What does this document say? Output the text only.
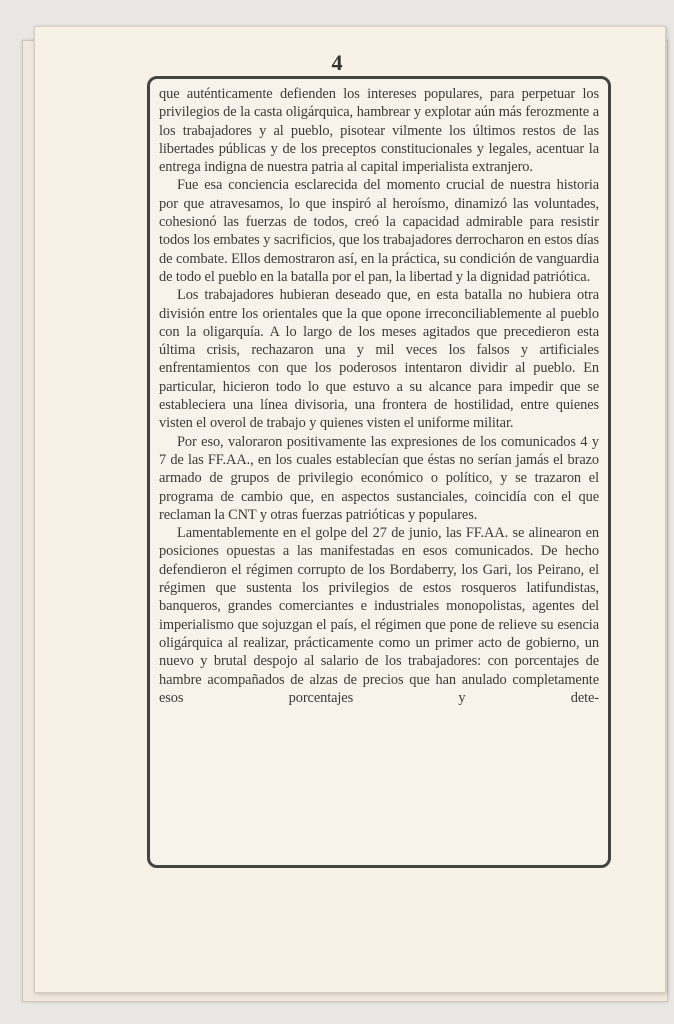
4

que auténticamente defienden los intereses populares, para perpetuar los privilegios de la casta oligárquica, hambrear y explotar aún más ferozmente a los trabajadores y al pueblo, pisotear vilmente los últimos restos de las libertades públicas y de los preceptos constitucionales y legales, acentuar la entrega indigna de nuestra patria al capital imperialista extranjero.

Fue esa conciencia esclarecida del momento crucial de nuestra historia por que atravesamos, lo que inspiró al heroísmo, dinamizó las voluntades, cohesionó las fuerzas de todos, creó la capacidad admirable para resistir todos los embates y sacrificios, que los trabajadores derrocharon en estos días de combate. Ellos demostraron así, en la práctica, su condición de vanguardia de todo el pueblo en la batalla por el pan, la libertad y la dignidad patriótica.

Los trabajadores hubieran deseado que, en esta batalla no hubiera otra división entre los orientales que la que opone irreconciliablemente al pueblo con la oligarquía. A lo largo de los meses agitados que precedieron esta última crisis, rechazaron una y mil veces los falsos y artificiales enfrentamientos con que los poderosos intentaron dividir al pueblo. En particular, hicieron todo lo que estuvo a su alcance para impedir que se estableciera una línea divisoria, una frontera de hostilidad, entre quienes visten el overol de trabajo y quienes visten el uniforme militar.

Por eso, valoraron positivamente las expresiones de los comunicados 4 y 7 de las FF.AA., en los cuales establecían que éstas no serían jamás el brazo armado de grupos de privilegio económico o político, y se trazaron el programa de cambio que, en aspectos sustanciales, coincidía con el que reclaman la CNT y otras fuerzas patrióticas y populares.

Lamentablemente en el golpe del 27 de junio, las FF.AA. se alinearon en posiciones opuestas a las manifestadas en esos comunicados. De hecho defendieron el régimen corrupto de los Bordaberry, los Gari, los Peirano, el régimen que sustenta los privilegios de estos rosqueros latifundistas, banqueros, grandes comerciantes e industriales monopolistas, agentes del imperialismo que sojuzgan el país, el régimen que pone de relieve su esencia oligárquica al realizar, prácticamente como un primer acto de gobierno, un nuevo y brutal despojo al salario de los trabajadores: con porcentajes de hambre acompañados de alzas de precios que han anulado completamente esos porcentajes y dete-
